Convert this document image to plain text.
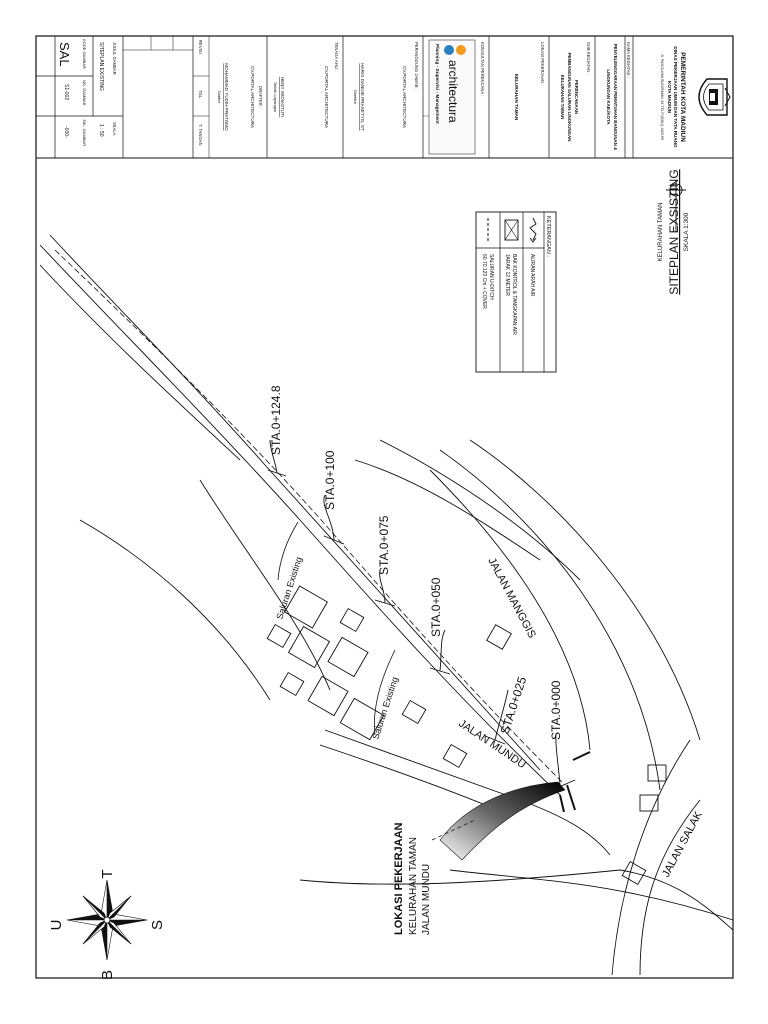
PEMERINTAH KOTA MADIUN
DINAS PEKERJAAN UMUM DAN TATA RUANG
KOTA MADIUN
Jl. PANGLIMA SUDIRMAN 46 TELP.(0351) 462199
NAMA KEGIATAN :
PENYELENGGARAAN PEMATUHAN BANGUNAN &
LINGKUNGAN KAB./KOTA
SUB KEGIATAN :
PERENCANAAN
PEMBANGUNAN SALURAN LINGKUNGAN
KELURAHAN TAMAN
LOKASI PEKERJAAN :
KELURAHAN TAMAN
KONSULTAN PERENCANA :
architectura
Planning - Supervisi - Management
PERANGGUNG JAWAB :
CV.PORTAL ARCHITECTURA
HARIS DANDIE PRASETYO, ST
Direktur
TENAGA AHLI :
CV.PORTAL ARCHITECTURA
HENY WIDIASTUTI
Teknik Lapangan
DRAFTER :
CV.PORTAL ARCHITECTURA
MOHAMMAD YUDIH PRATOMO
Drafter
REVISI
TGL
T. TANGAN
JUDUL GAMBAR
SITEPLAN EXISTING
SKALA
1 : 50
KODE GAMBAR
SAL
NO. GAMBAR
S1-002
JML. GAMBAR
-000-
STA.0+124.8
STA.0+100
STA.0+075
STA.0+050
STA.0+025 STA.0+000
Saluran Existing
Saluran Existing
JALAN MANGGIS
JALAN MUNDU
JALAN SALAK
LOKASI PEKERJAAN KELURAHAN TAMAN JALAN MUNDU
KELURAHAN TAMAN SITEPLAN EXSISTING SKALA 1:300
KETERANGAN :
ALIRAN ARAH AIR
BAK KONTROL & TANGKAPAN AIR
JARAK 12 METER
SALURAN U-DITCH
60.70.120 Cm + COVER
U
T
S
B
